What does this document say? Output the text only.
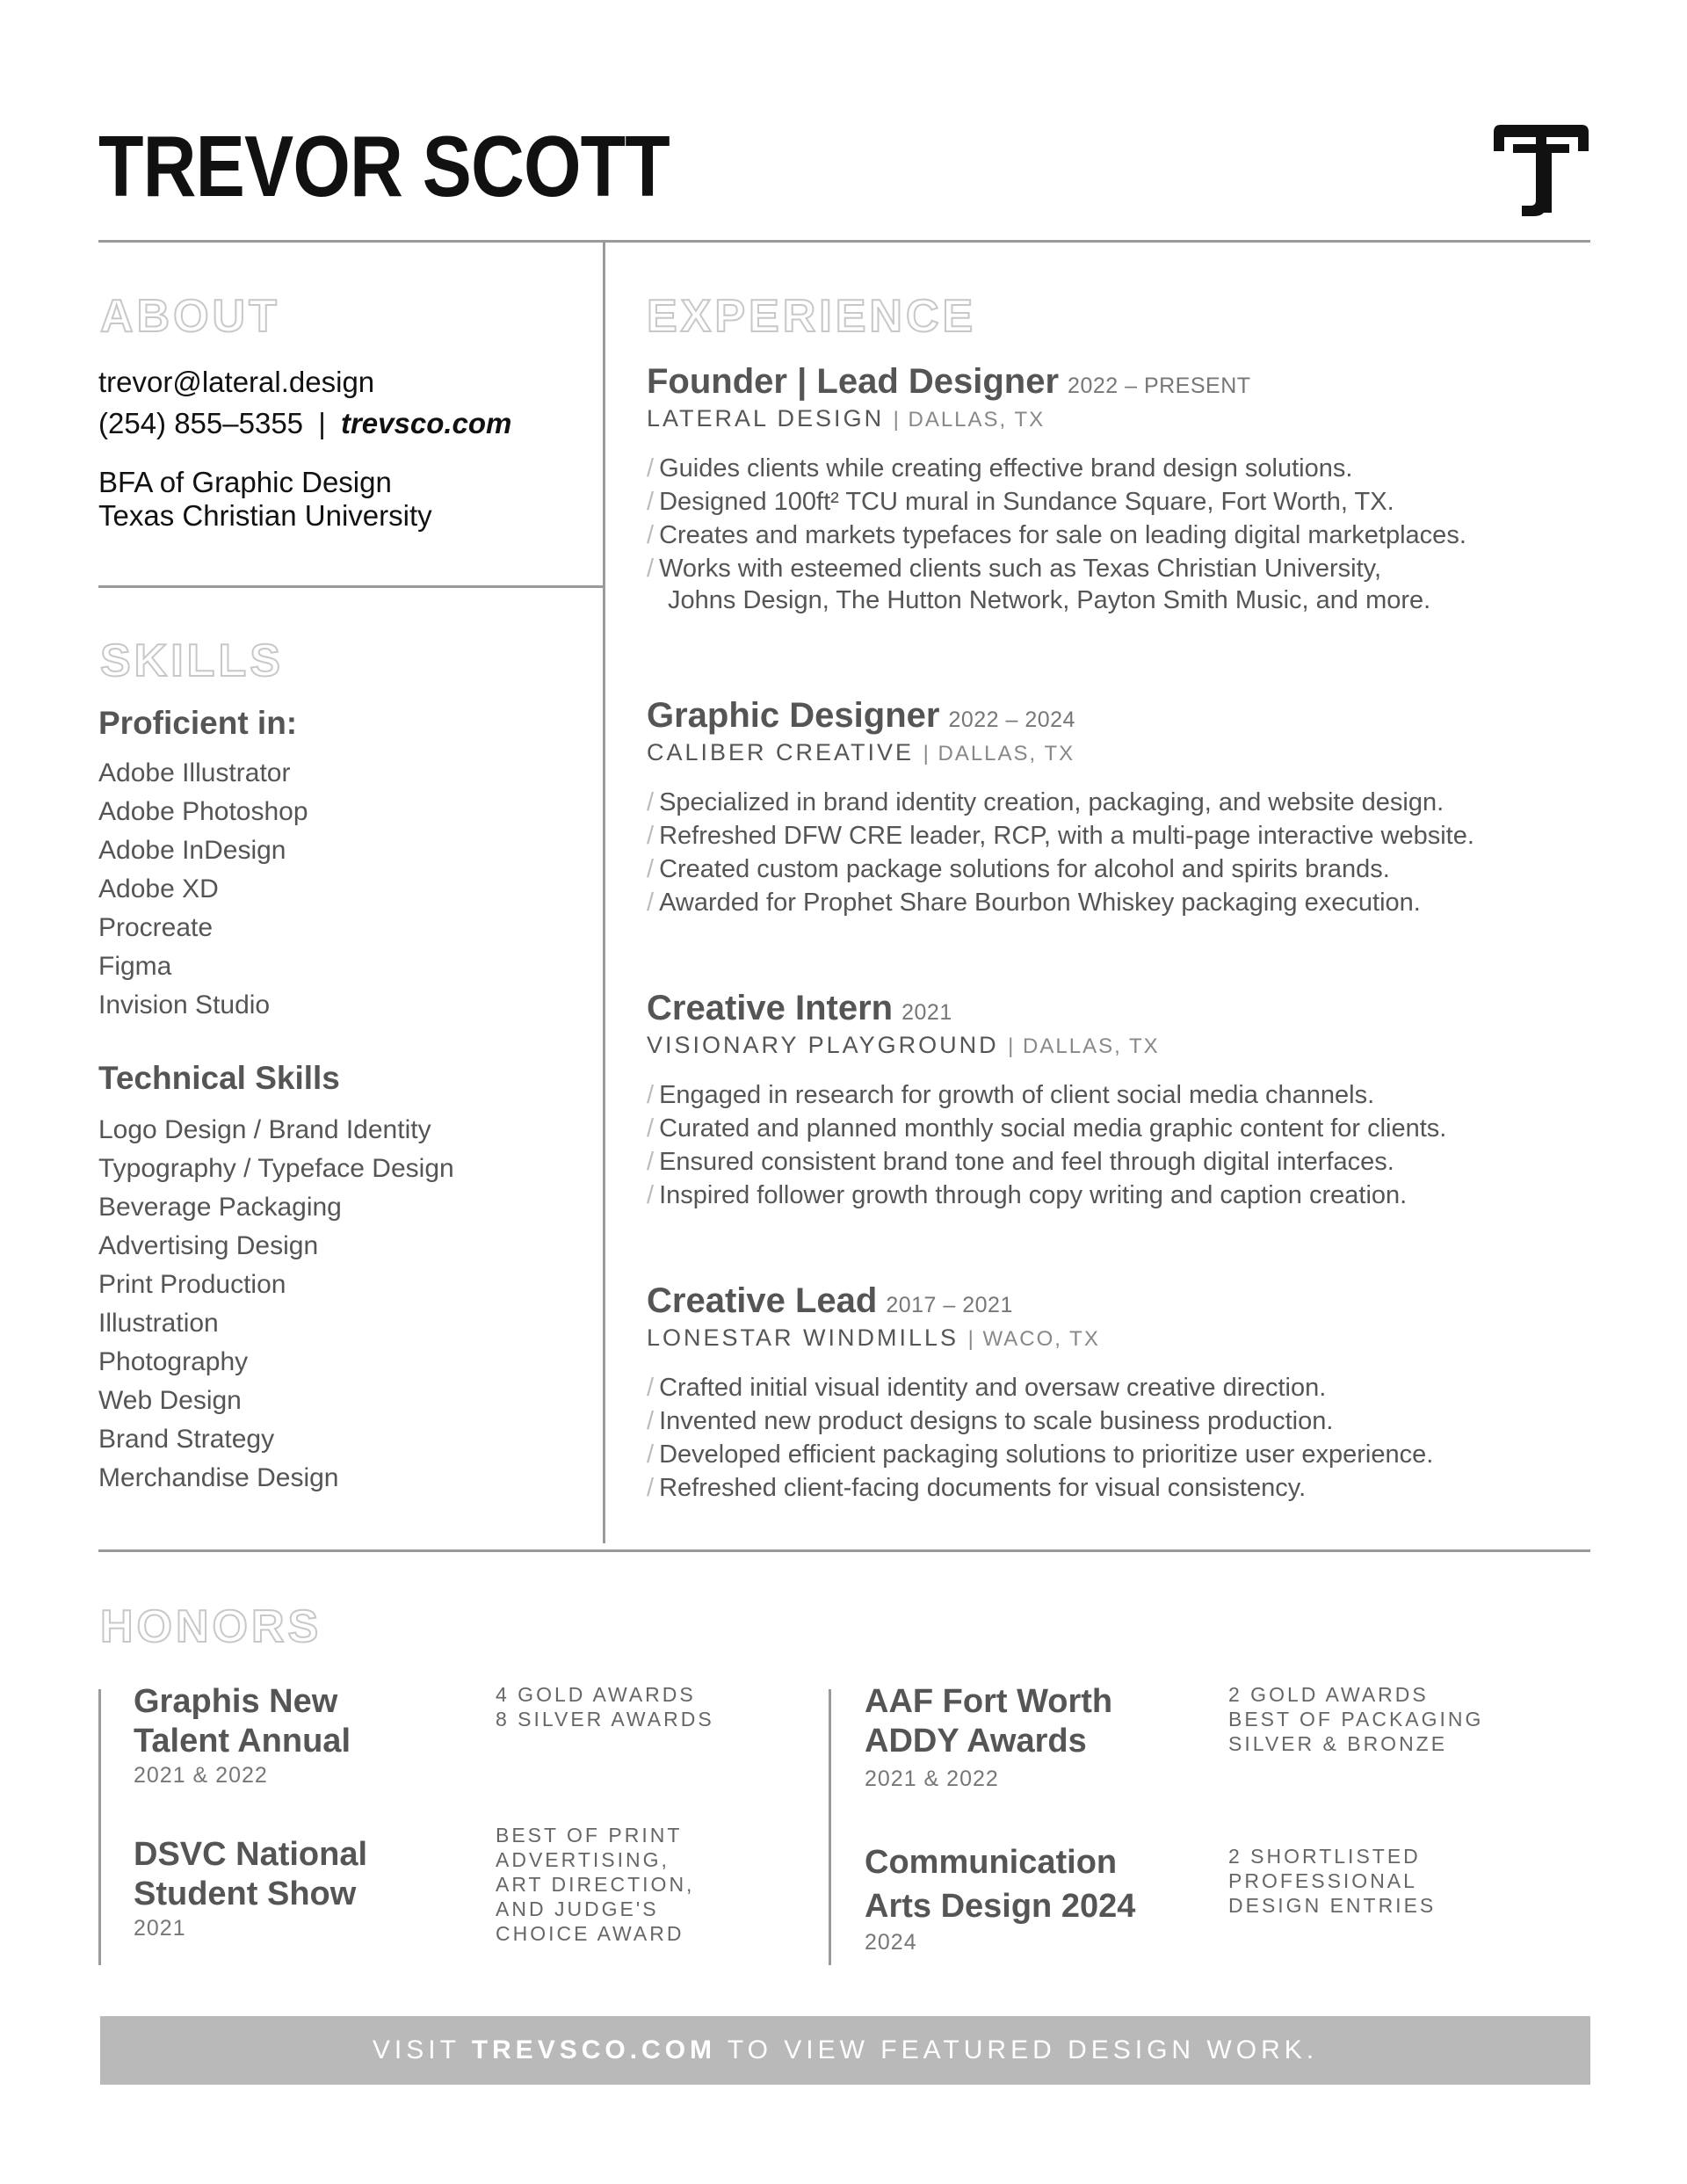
TREVOR SCOTT
ABOUT
trevor@lateral.design
(254) 855–5355 | trevsco.com
BFA of Graphic Design
Texas Christian University
SKILLS
Proficient in:
Adobe Illustrator
Adobe Photoshop
Adobe InDesign
Adobe XD
Procreate
Figma
Invision Studio
Technical Skills
Logo Design / Brand Identity
Typography / Typeface Design
Beverage Packaging
Advertising Design
Print Production
Illustration
Photography
Web Design
Brand Strategy
Merchandise Design
EXPERIENCE
Founder | Lead Designer 2022 – PRESENT
LATERAL DESIGN | DALLAS, TX
/ Guides clients while creating effective brand design solutions.
/ Designed 100ft² TCU mural in Sundance Square, Fort Worth, TX.
/ Creates and markets typefaces for sale on leading digital marketplaces.
/ Works with esteemed clients such as Texas Christian University,
Johns Design, The Hutton Network, Payton Smith Music, and more.
Graphic Designer 2022 – 2024
CALIBER CREATIVE | DALLAS, TX
/ Specialized in brand identity creation, packaging, and website design.
/ Refreshed DFW CRE leader, RCP, with a multi-page interactive website.
/ Created custom package solutions for alcohol and spirits brands.
/ Awarded for Prophet Share Bourbon Whiskey packaging execution.
Creative Intern 2021
VISIONARY PLAYGROUND | DALLAS, TX
/ Engaged in research for growth of client social media channels.
/ Curated and planned monthly social media graphic content for clients.
/ Ensured consistent brand tone and feel through digital interfaces.
/ Inspired follower growth through copy writing and caption creation.
Creative Lead 2017 – 2021
LONESTAR WINDMILLS | WACO, TX
/ Crafted initial visual identity and oversaw creative direction.
/ Invented new product designs to scale business production.
/ Developed efficient packaging solutions to prioritize user experience.
/ Refreshed client-facing documents for visual consistency.
HONORS
Graphis New
Talent Annual
2021 & 2022
4 GOLD AWARDS
8 SILVER AWARDS
DSVC National
Student Show
2021
BEST OF PRINT
ADVERTISING,
ART DIRECTION,
AND JUDGE'S
CHOICE AWARD
AAF Fort Worth
ADDY Awards
2021 & 2022
2 GOLD AWARDS
BEST OF PACKAGING
SILVER & BRONZE
Communication
Arts Design 2024
2024
2 SHORTLISTED
PROFESSIONAL
DESIGN ENTRIES
VISIT TREVSCO.COM TO VIEW FEATURED DESIGN WORK.
